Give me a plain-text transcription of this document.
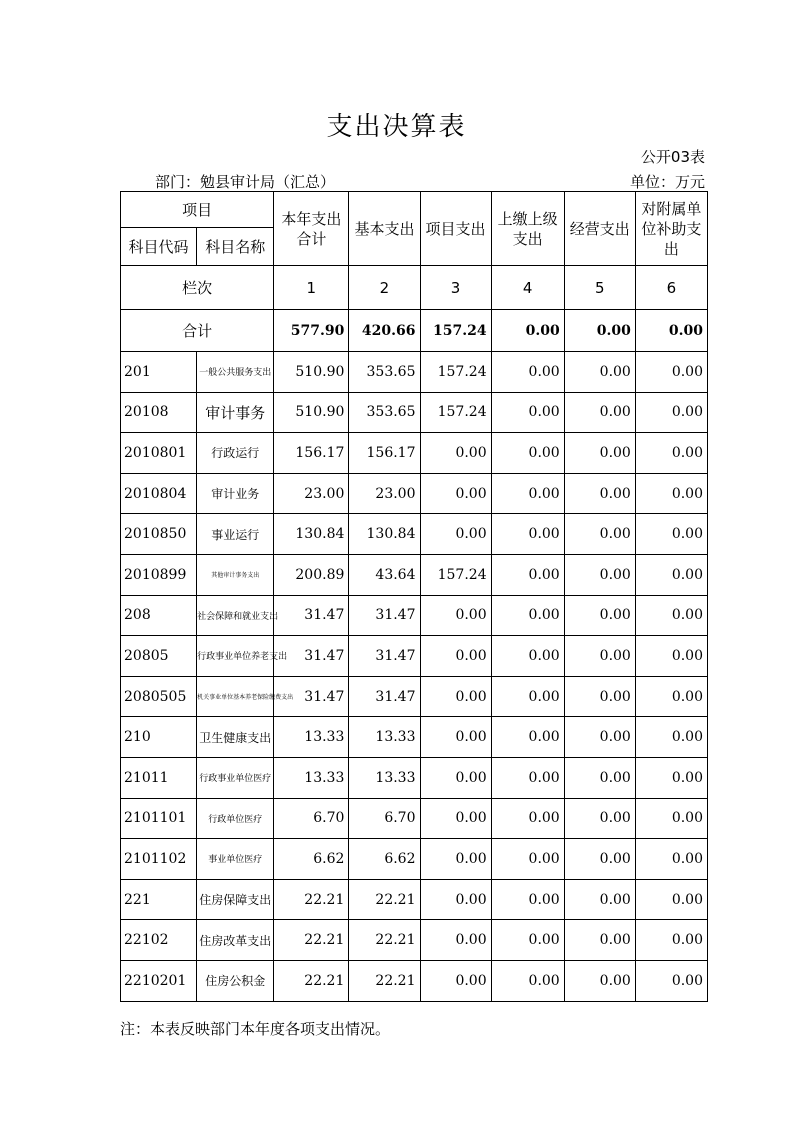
支出决算表
公开03表
部门：勉县审计局（汇总）	单位：万元
项目		本年支出合计	基本支出	项目支出	上缴上级支出	经营支出	对附属单位补助支出
科目代码	科目名称						
栏次		1	2	3	4	5	6
合计		577.90	420.66	157.24	0.00	0.00	0.00
201	一般公共服务支出	510.90	353.65	157.24	0.00	0.00	0.00
20108	审计事务	510.90	353.65	157.24	0.00	0.00	0.00
2010801	行政运行	156.17	156.17	0.00	0.00	0.00	0.00
2010804	审计业务	23.00	23.00	0.00	0.00	0.00	0.00
2010850	事业运行	130.84	130.84	0.00	0.00	0.00	0.00
2010899	其他审计事务支出	200.89	43.64	157.24	0.00	0.00	0.00
208	社会保障和就业支出	31.47	31.47	0.00	0.00	0.00	0.00
20805	行政事业单位养老支出	31.47	31.47	0.00	0.00	0.00	0.00
2080505	机关事业单位基本养老保险缴费支出	31.47	31.47	0.00	0.00	0.00	0.00
210	卫生健康支出	13.33	13.33	0.00	0.00	0.00	0.00
21011	行政事业单位医疗	13.33	13.33	0.00	0.00	0.00	0.00
2101101	行政单位医疗	6.70	6.70	0.00	0.00	0.00	0.00
2101102	事业单位医疗	6.62	6.62	0.00	0.00	0.00	0.00
221	住房保障支出	22.21	22.21	0.00	0.00	0.00	0.00
22102	住房改革支出	22.21	22.21	0.00	0.00	0.00	0.00
2210201	住房公积金	22.21	22.21	0.00	0.00	0.00	0.00
注：本表反映部门本年度各项支出情况。
